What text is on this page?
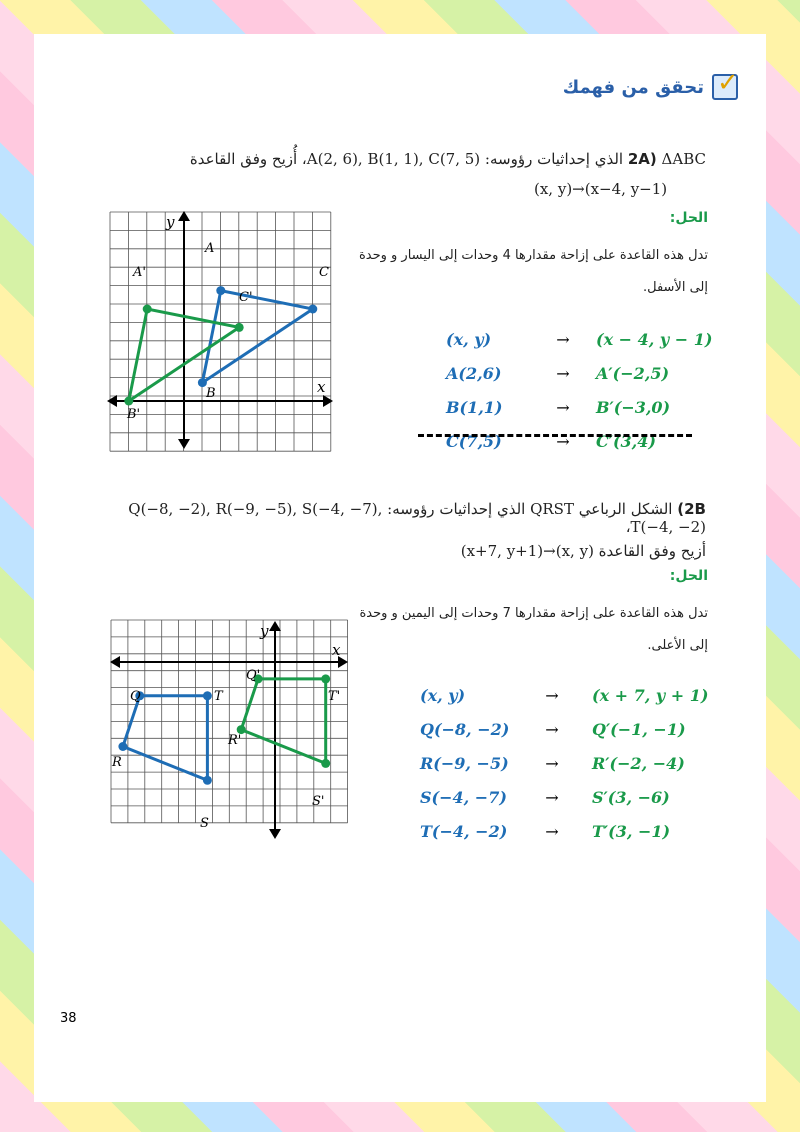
✓
تحقق من فهمك
2A) ΔABC الذي إحداثيات رؤوسه: A(2, 6), B(1, 1), C(7, 5)، أُزيح وفق القاعدة
(x, y)→(x−4, y−1)
الحل:
تدل هذه القاعدة على إزاحة مقدارها 4 وحدات إلى اليسار و وحدة
إلى الأسفل.
(x, y)	→	(x − 4, y − 1)
A(2,6)	→	A′(−2,5)
B(1,1)	→	B′(−3,0)
C(7,5)	→	C′(3,4)
y
x
A
B
C
A'
B'
C'
2B) الشكل الرباعي QRST الذي إحداثيات رؤوسه: Q(−8, −2), R(−9, −5), S(−4, −7), T(−4, −2)،
أزيح وفق القاعدة (x, y)→(x+7, y+1)
الحل:
تدل هذه القاعدة على إزاحة مقدارها 7 وحدات إلى اليمين و وحدة
إلى الأعلى.
(x, y)	→	(x + 7, y + 1)
Q(−8, −2)	→	Q′(−1, −1)
R(−9, −5)	→	R′(−2, −4)
S(−4, −7)	→	S′(3, −6)
T(−4, −2)	→	T′(3, −1)
y
x
Q
R
S
T
Q'
R'
S'
T'
38
